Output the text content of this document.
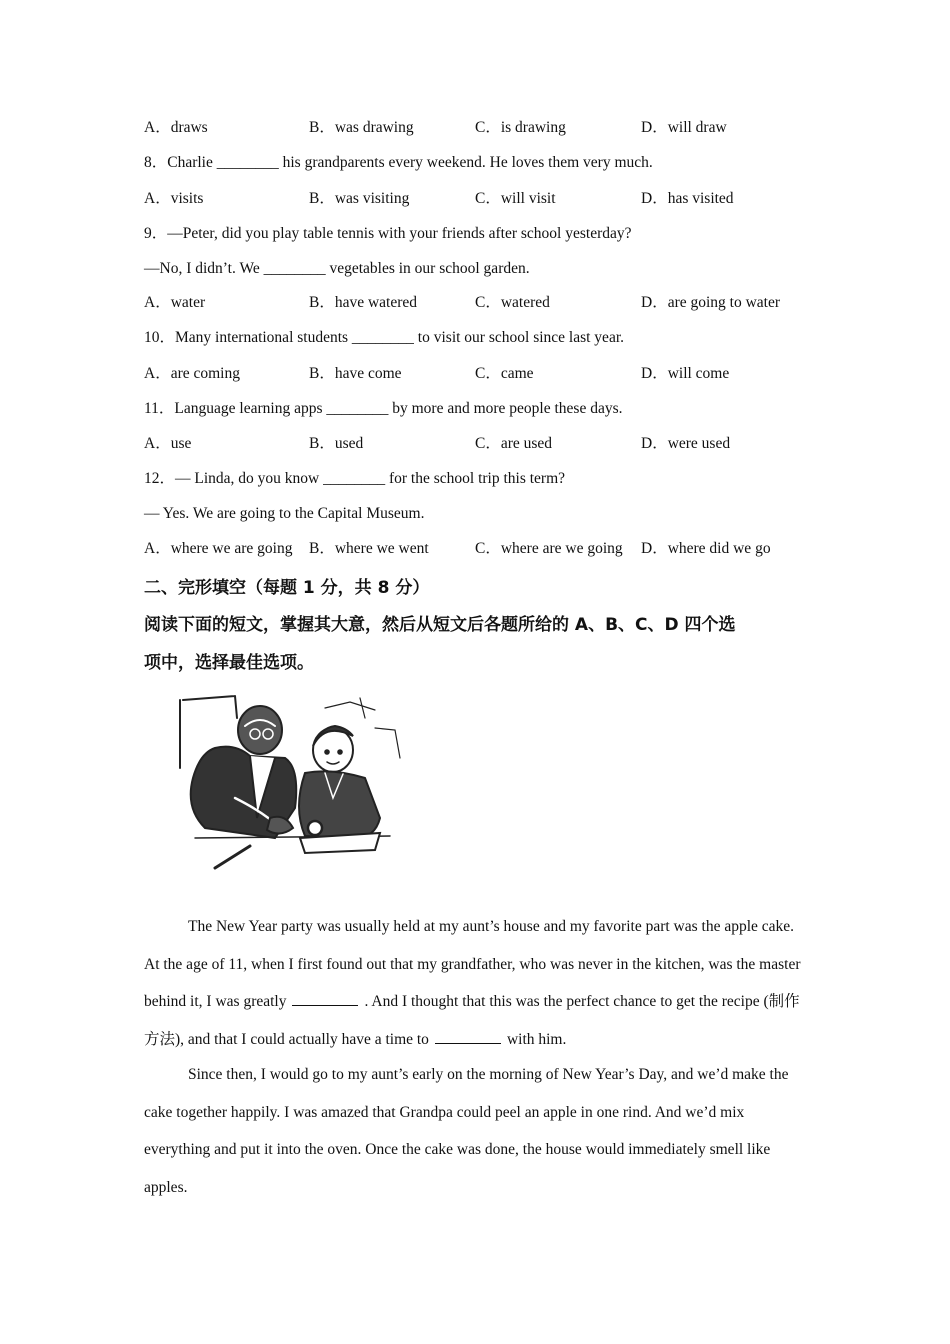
A．draws	B．was drawing	C．is drawing	D．will draw
8．Charlie ________ his grandparents every weekend. He loves them very much.
A．visits	B．was visiting	C．will visit	D．has visited
9．—Peter, did you play table tennis with your friends after school yesterday?
—No, I didn’t. We ________ vegetables in our school garden.
A．water	B．have watered	C．watered	D．are going to water
10．Many international students ________ to visit our school since last year.
A．are coming	B．have come	C．came	D．will come
11．Language learning apps ________ by more and more people these days.
A．use	B．used	C．are used	D．were used
12．— Linda, do you know ________ for the school trip this term?
— Yes. We are going to the Capital Museum.
A．where we are going B．where we went	C．where are we going D．where did we go
二、完形填空（每题 1 分，共 8 分）
阅读下面的短文，掌握其大意，然后从短文后各题所给的 A、B、C、D 四个选
项中，选择最佳选项。
The New Year party was usually held at my aunt’s house and my favorite part was the apple cake. At the age of 11, when I first found out that my grandfather, who was never in the kitchen, was the master behind it, I was greatly	. And I thought that this was the perfect chance to get the recipe (制作方法), and that I could actually have a time to	with him.
Since then, I would go to my aunt’s early on the morning of New Year’s Day, and we’d make the cake together happily. I was amazed that Grandpa could peel an apple in one rind. And we’d mix everything and put it into the oven. Once the cake was done, the house would immediately smell like apples.
